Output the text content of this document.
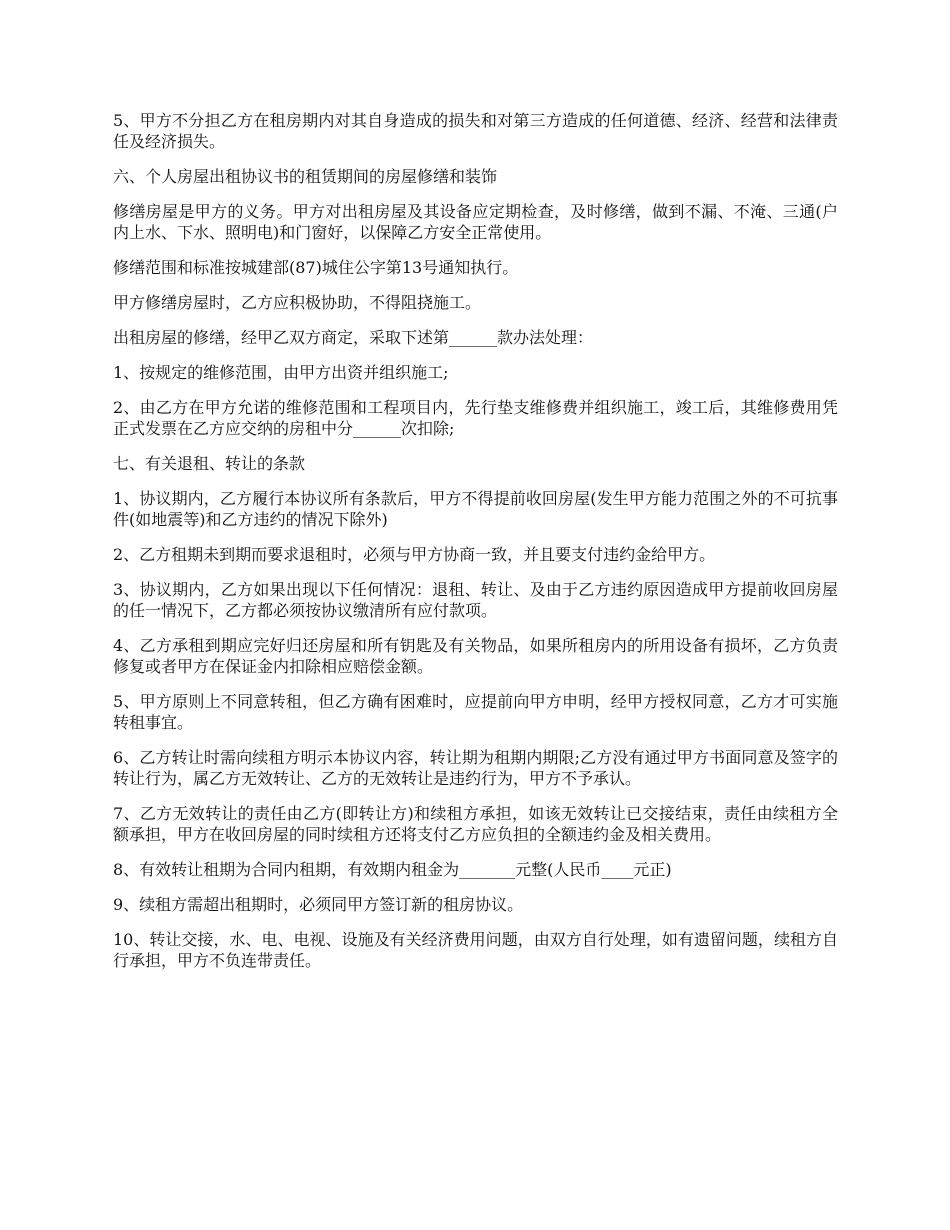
5、甲方不分担乙方在租房期内对其自身造成的损失和对第三方造成的任何道德、经济、经营和法律责任及经济损失。

六、个人房屋出租协议书的租赁期间的房屋修缮和装饰

修缮房屋是甲方的义务。甲方对出租房屋及其设备应定期检查，及时修缮，做到不漏、不淹、三通(户内上水、下水、照明电)和门窗好，以保障乙方安全正常使用。

修缮范围和标准按城建部(87)城住公字第13号通知执行。

甲方修缮房屋时，乙方应积极协助，不得阻挠施工。

出租房屋的修缮，经甲乙双方商定，采取下述第______款办法处理：

1、按规定的维修范围，由甲方出资并组织施工;

2、由乙方在甲方允诺的维修范围和工程项目内，先行垫支维修费并组织施工，竣工后，其维修费用凭正式发票在乙方应交纳的房租中分______次扣除;

七、有关退租、转让的条款

1、协议期内，乙方履行本协议所有条款后，甲方不得提前收回房屋(发生甲方能力范围之外的不可抗事件(如地震等)和乙方违约的情况下除外)

2、乙方租期未到期而要求退租时，必须与甲方协商一致，并且要支付违约金给甲方。

3、协议期内，乙方如果出现以下任何情况：退租、转让、及由于乙方违约原因造成甲方提前收回房屋的任一情况下，乙方都必须按协议缴清所有应付款项。

4、乙方承租到期应完好归还房屋和所有钥匙及有关物品，如果所租房内的所用设备有损坏，乙方负责修复或者甲方在保证金内扣除相应赔偿金额。

5、甲方原则上不同意转租，但乙方确有困难时，应提前向甲方申明，经甲方授权同意，乙方才可实施转租事宜。

6、乙方转让时需向续租方明示本协议内容，转让期为租期内期限;乙方没有通过甲方书面同意及签字的转让行为，属乙方无效转让、乙方的无效转让是违约行为，甲方不予承认。

7、乙方无效转让的责任由乙方(即转让方)和续租方承担，如该无效转让已交接结束，责任由续租方全额承担，甲方在收回房屋的同时续租方还将支付乙方应负担的全额违约金及相关费用。

8、有效转让租期为合同内租期，有效期内租金为_______元整(人民币____元正)

9、续租方需超出租期时，必须同甲方签订新的租房协议。

10、转让交接，水、电、电视、设施及有关经济费用问题，由双方自行处理，如有遗留问题，续租方自行承担，甲方不负连带责任。
